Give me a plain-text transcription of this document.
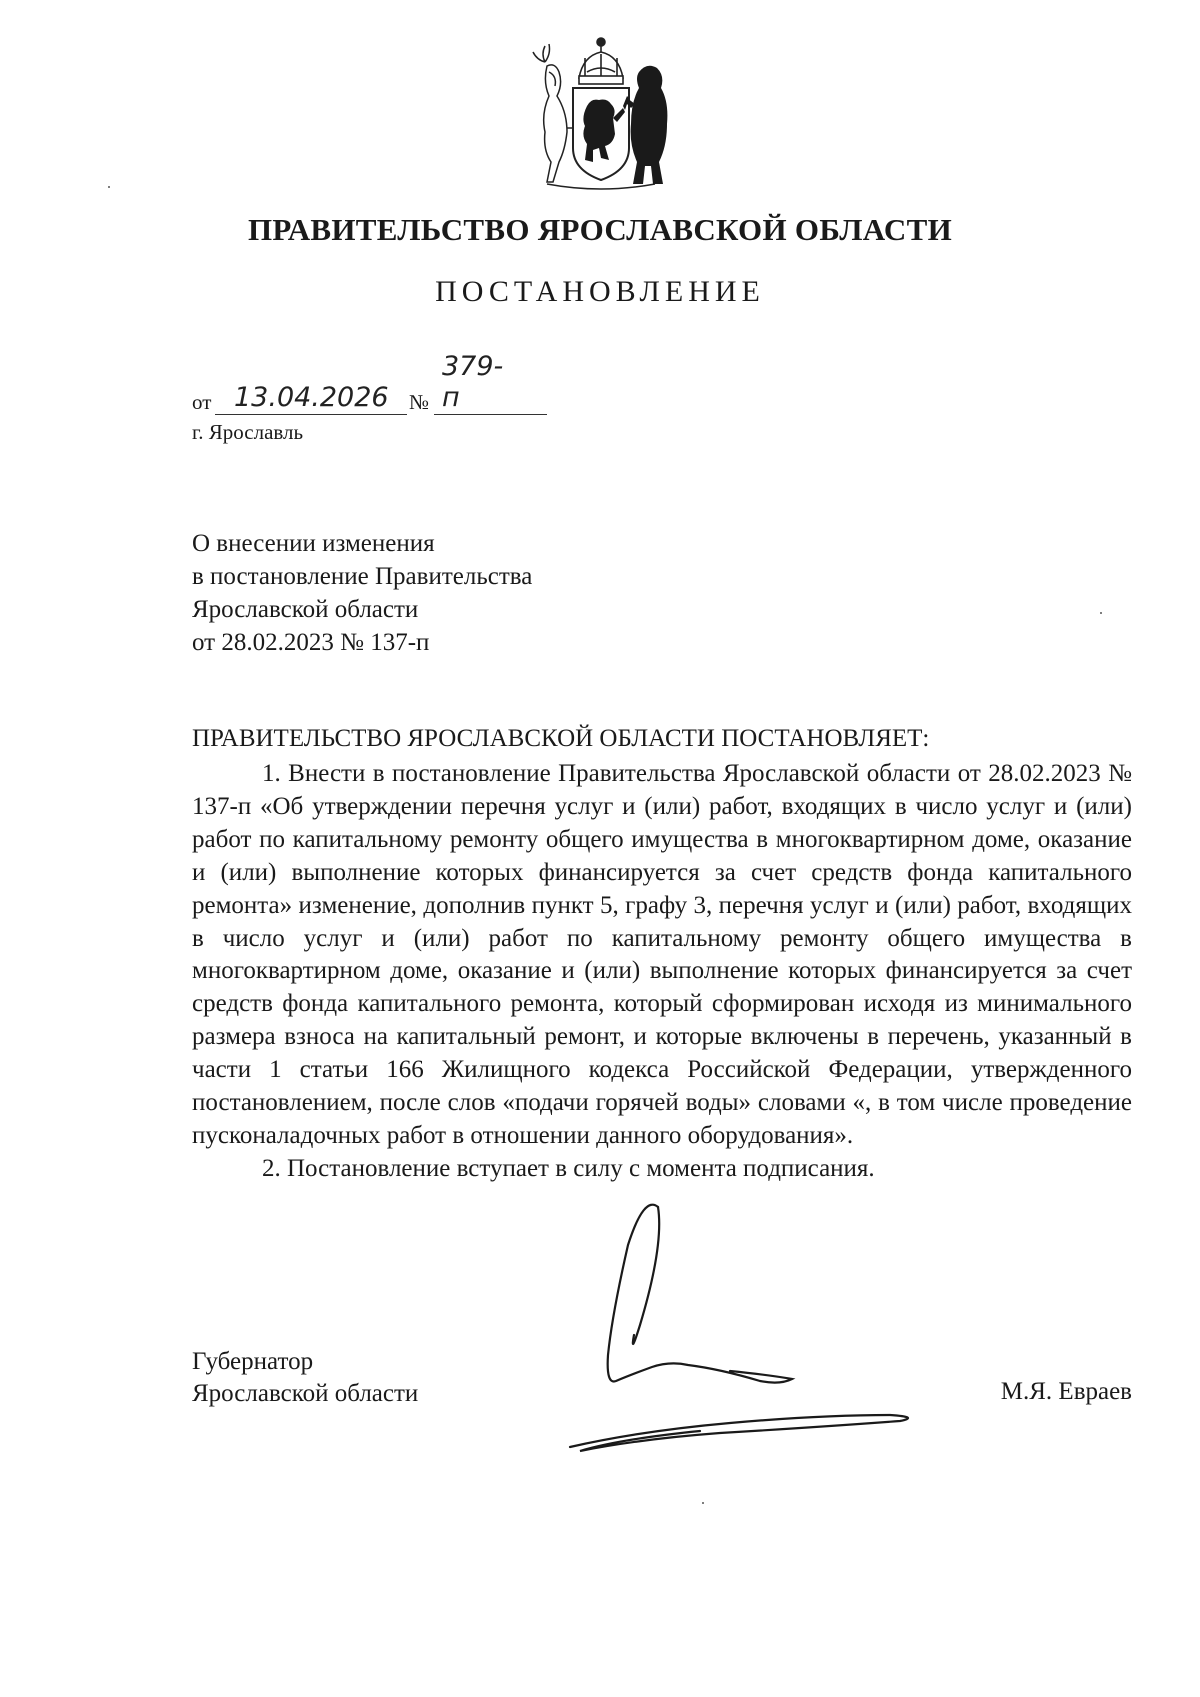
ПРАВИТЕЛЬСТВО ЯРОСЛАВСКОЙ ОБЛАСТИ
ПОСТАНОВЛЕНИЕ
от 13.04.2026 №
379-п
г. Ярославль
О внесении изменения
в постановление Правительства
Ярославской области
от 28.02.2023 № 137-п
ПРАВИТЕЛЬСТВО ЯРОСЛАВСКОЙ ОБЛАСТИ ПОСТАНОВЛЯЕТ:

1. Внести в постановление Правительства Ярославской области от 28.02.2023 № 137-п «Об утверждении перечня услуг и (или) работ, входящих в число услуг и (или) работ по капитальному ремонту общего имущества в многоквартирном доме, оказание и (или) выполнение которых финансируется за счет средств фонда капитального ремонта» изменение, дополнив пункт 5, графу 3, перечня услуг и (или) работ, входящих в число услуг и (или) работ по капитальному ремонту общего имущества в многоквартирном доме, оказание и (или) выполнение которых финансируется за счет средств фонда капитального ремонта, который сформирован исходя из минимального размера взноса на капитальный ремонт, и которые включены в перечень, указанный в части 1 статьи 166 Жилищного кодекса Российской Федерации, утвержденного постановлением, после слов «подачи горячей воды» словами «, в том числе проведение пусконаладочных работ в отношении данного оборудования».

2. Постановление вступает в силу с момента подписания.

Губернатор
Ярославской области	М.Я. Евраев
